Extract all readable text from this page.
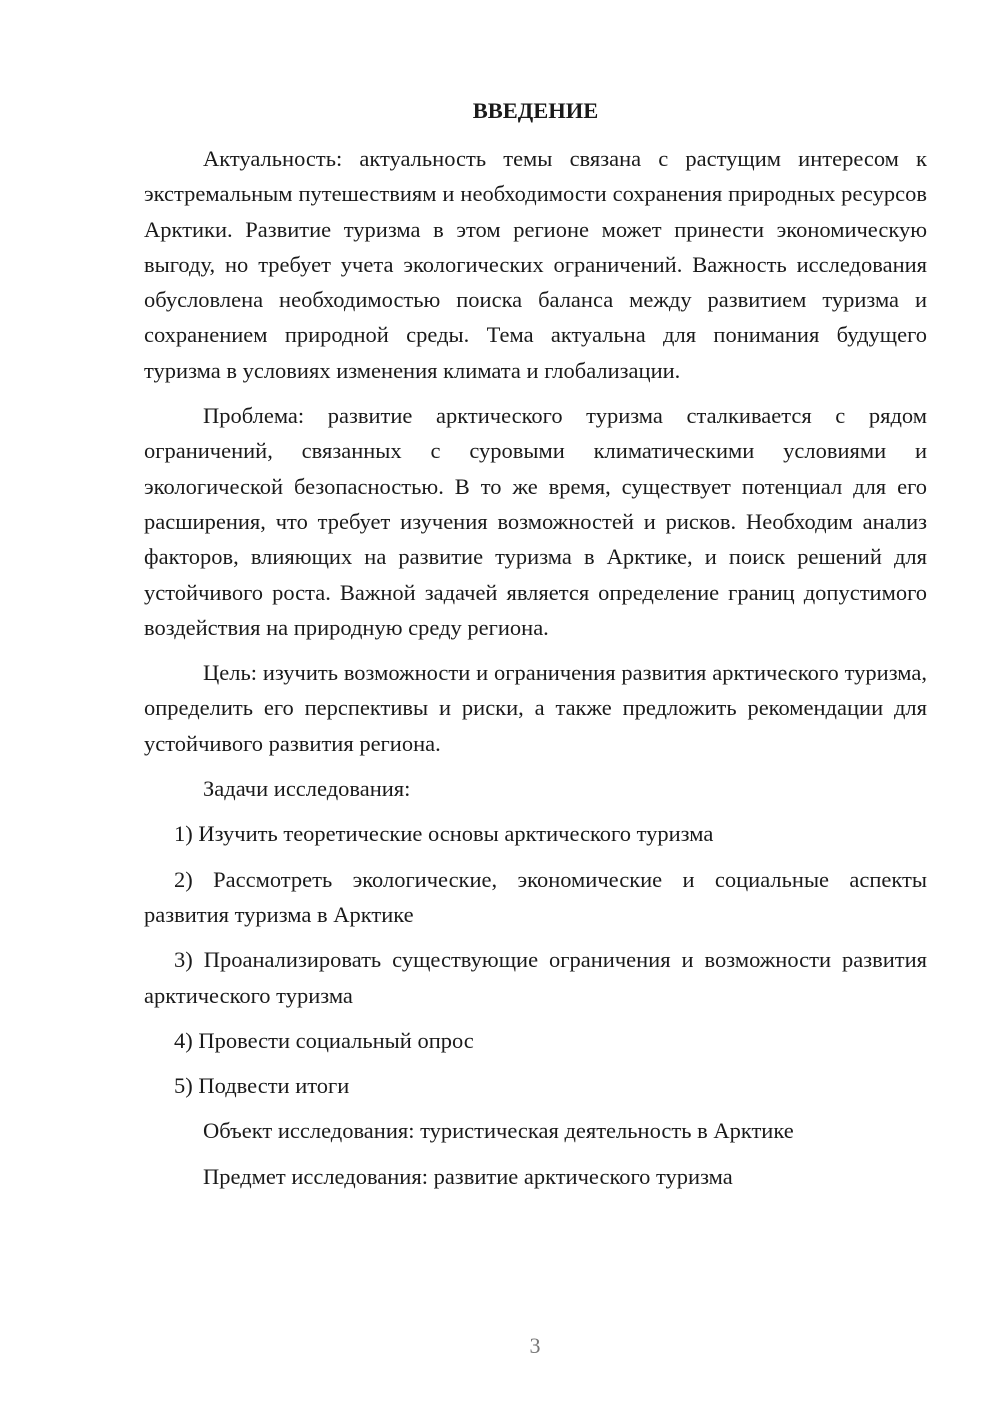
ВВЕДЕНИЕ

Актуальность: актуальность темы связана с растущим интересом к экстремальным путешествиям и необходимости сохранения природных ресурсов Арктики. Развитие туризма в этом регионе может принести экономическую выгоду, но требует учета экологических ограничений. Важность исследования обусловлена необходимостью поиска баланса между развитием туризма и сохранением природной среды. Тема актуальна для понимания будущего туризма в условиях изменения климата и глобализации.

Проблема: развитие арктического туризма сталкивается с рядом ограничений, связанных с суровыми климатическими условиями и экологической безопасностью. В то же время, существует потенциал для его расширения, что требует изучения возможностей и рисков. Необходим анализ факторов, влияющих на развитие туризма в Арктике, и поиск решений для устойчивого роста. Важной задачей является определение границ допустимого воздействия на природную среду региона.

Цель: изучить возможности и ограничения развития арктического туризма, определить его перспективы и риски, а также предложить рекомендации для устойчивого развития региона.

Задачи исследования:

1) Изучить теоретические основы арктического туризма

2) Рассмотреть экологические, экономические и социальные аспекты развития туризма в Арктике

3) Проанализировать существующие ограничения и возможности развития арктического туризма

4) Провести социальный опрос

5) Подвести итоги

Объект исследования: туристическая деятельность в Арктике

Предмет исследования: развитие арктического туризма

3
